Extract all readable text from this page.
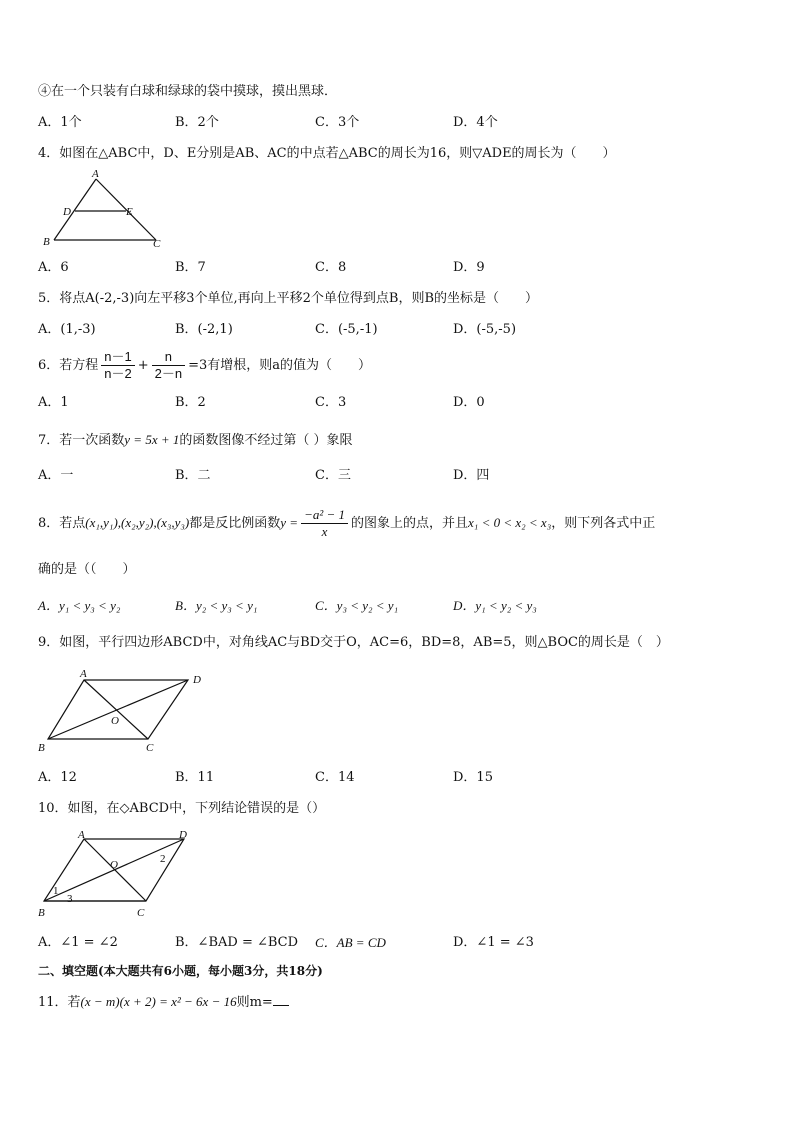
④在一个只装有白球和绿球的袋中摸球，摸出黑球．
A．1个	B．2个	C．3个	D．4个
4．如图在△ABC中，D、E分别是AB、AC的中点若△ABC的周长为16，则▽ADE的周长为（　　）
A
D	E
B	C
A．6	B．7	C．8	D．9
5．将点A(-2,-3)向左平移3个单位,再向上平移2个单位得到点B，则B的坐标是（　　）
A．(1,-3)	B．(-2,1)	C．(-5,-1)	D．(-5,-5)
6．若方程 $\frac{n-1}{n-2} + \frac{n}{2-n} =3$有增根，则a的值为（　　）
A．1	B．2	C．3	D．0
7．若一次函数y = 5x + 1的函数图像不经过第（ ）象限
A．一	B．二	C．三	D．四
8．若点(x₁,y₁),(x₂,y₂),(x₃,y₃)都是反比例函数$y = \frac{\text{−a² − 1}}{x}$ 的图象上的点，并且x₁ < 0 < x₂ < x₃，则下列各式中正
确的是（（　　）
A．y₁ < y₃ < y₂	B．y₂ < y₃ < y₁	C．y₃ < y₂ < y₁	D．y₁ < y₂ < y₃
9．如图，平行四边形ABCD中，对角线AC与BD交于O，AC=6，BD=8，AB=5，则△BOC的周长是（　）
A	D
O
B	C
A．12	B．11	C．14	D．15
10．如图，在◇ABCD中，下列结论错误的是（）
A	D
O	2
1
3
B	C
A．∠1 = ∠2	B．∠BAD = ∠BCD C．AB = CD	D．∠1 = ∠3
二、填空题(本大题共有6小题，每小题3分，共18分)
11．若(x − m)(x + 2) = x² − 6x − 16则m=
